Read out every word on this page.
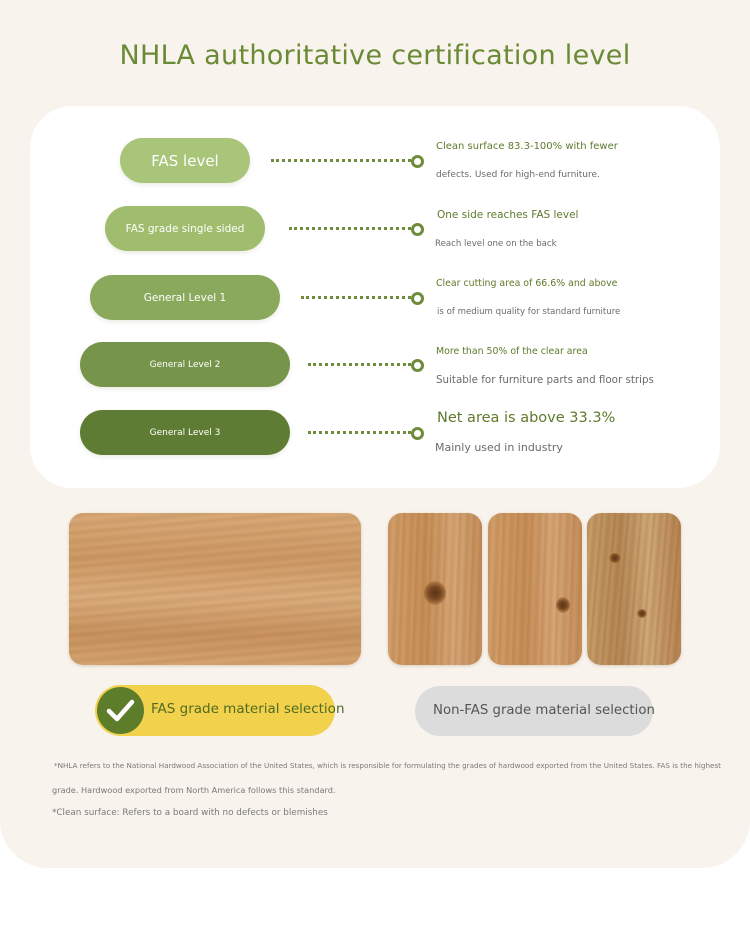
NHLA authoritative certification level
FAS level
Clean surface 83.3-100% with fewer
defects. Used for high-end furniture.
FAS grade single sided
One side reaches FAS level
Reach level one on the back
General Level 1
Clear cutting area of 66.6% and above
is of medium quality for standard furniture
General Level 2
More than 50% of the clear area
Suitable for furniture parts and floor strips
General Level 3
Net area is above 33.3%
Mainly used in industry
FAS grade material selection	Non-FAS grade material selection
*NHLA refers to the National Hardwood Association of the United States, which is responsible for formulating the grades of hardwood exported from the United States. FAS is the highest
grade. Hardwood exported from North America follows this standard.
*Clean surface: Refers to a board with no defects or blemishes
